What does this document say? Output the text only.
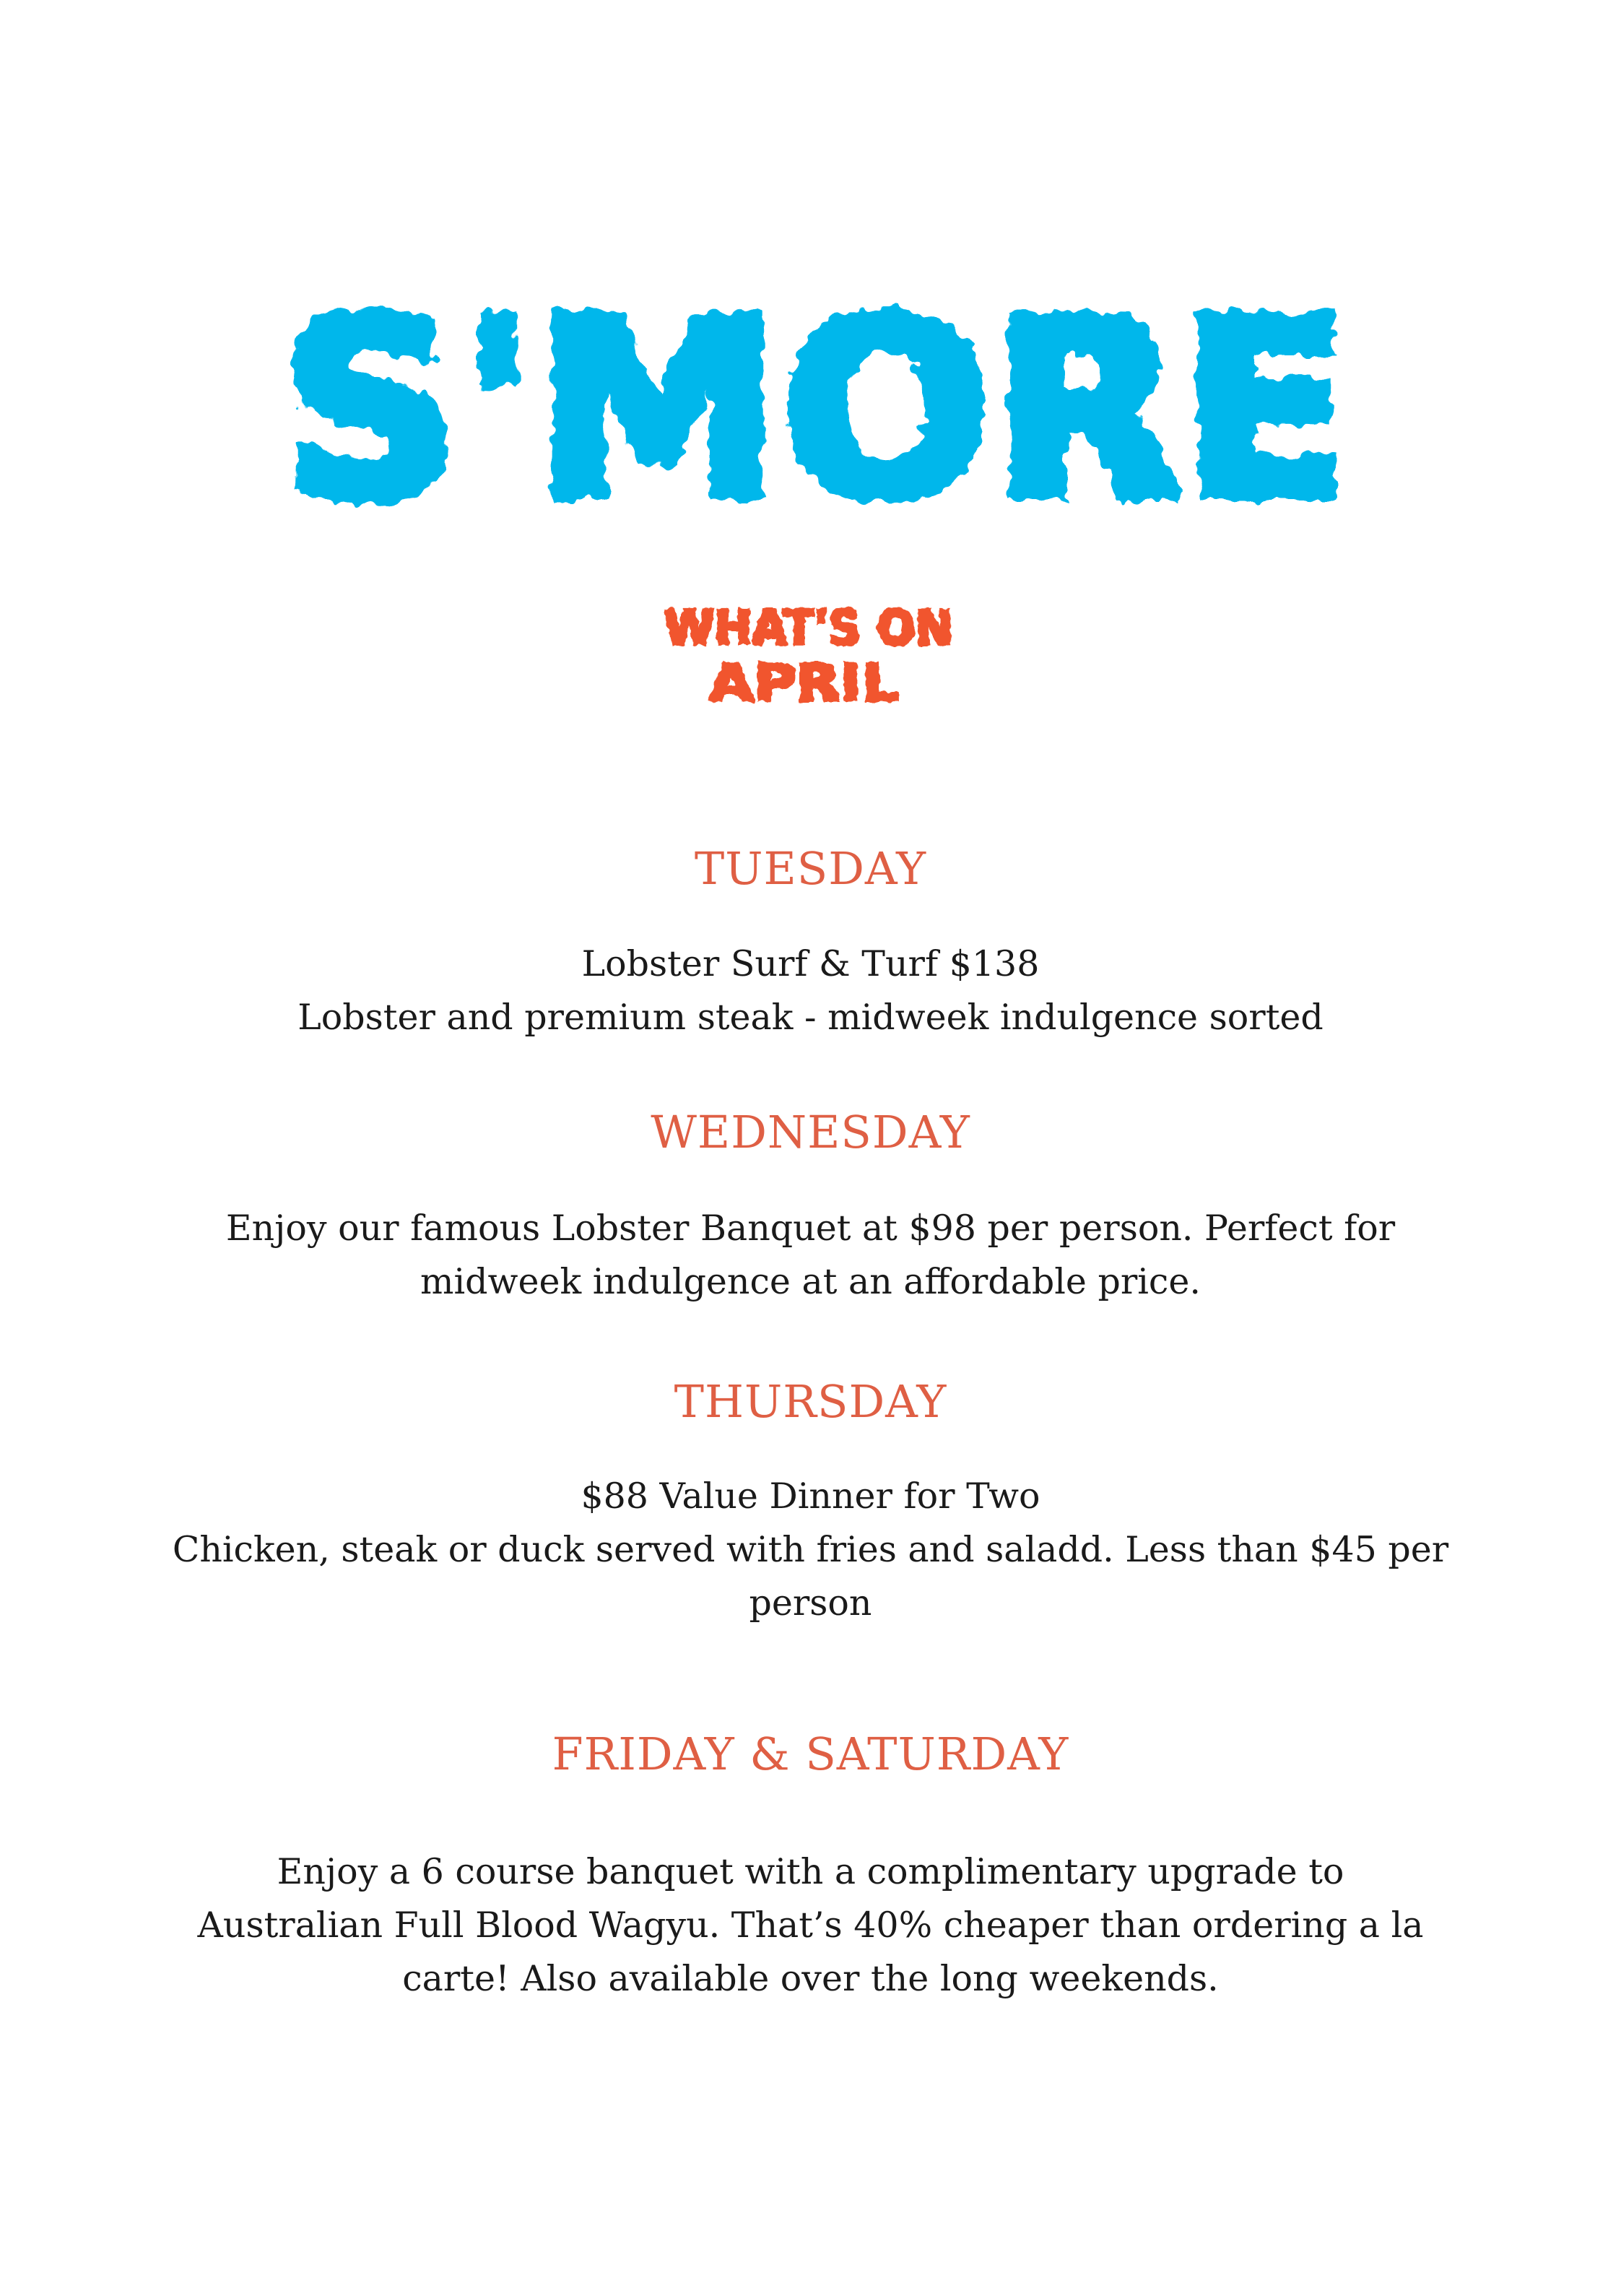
S'MORE
WHAT'S ON
APRIL
TUESDAY
Lobster Surf & Turf $138
Lobster and premium steak - midweek indulgence sorted
WEDNESDAY
Enjoy our famous Lobster Banquet at $98 per person. Perfect for
midweek indulgence at an affordable price.
THURSDAY
$88 Value Dinner for Two
Chicken, steak or duck served with fries and saladd. Less than $45 per
person
FRIDAY & SATURDAY
Enjoy a 6 course banquet with a complimentary upgrade to
Australian Full Blood Wagyu. That’s 40% cheaper than ordering a la
carte! Also available over the long weekends.
